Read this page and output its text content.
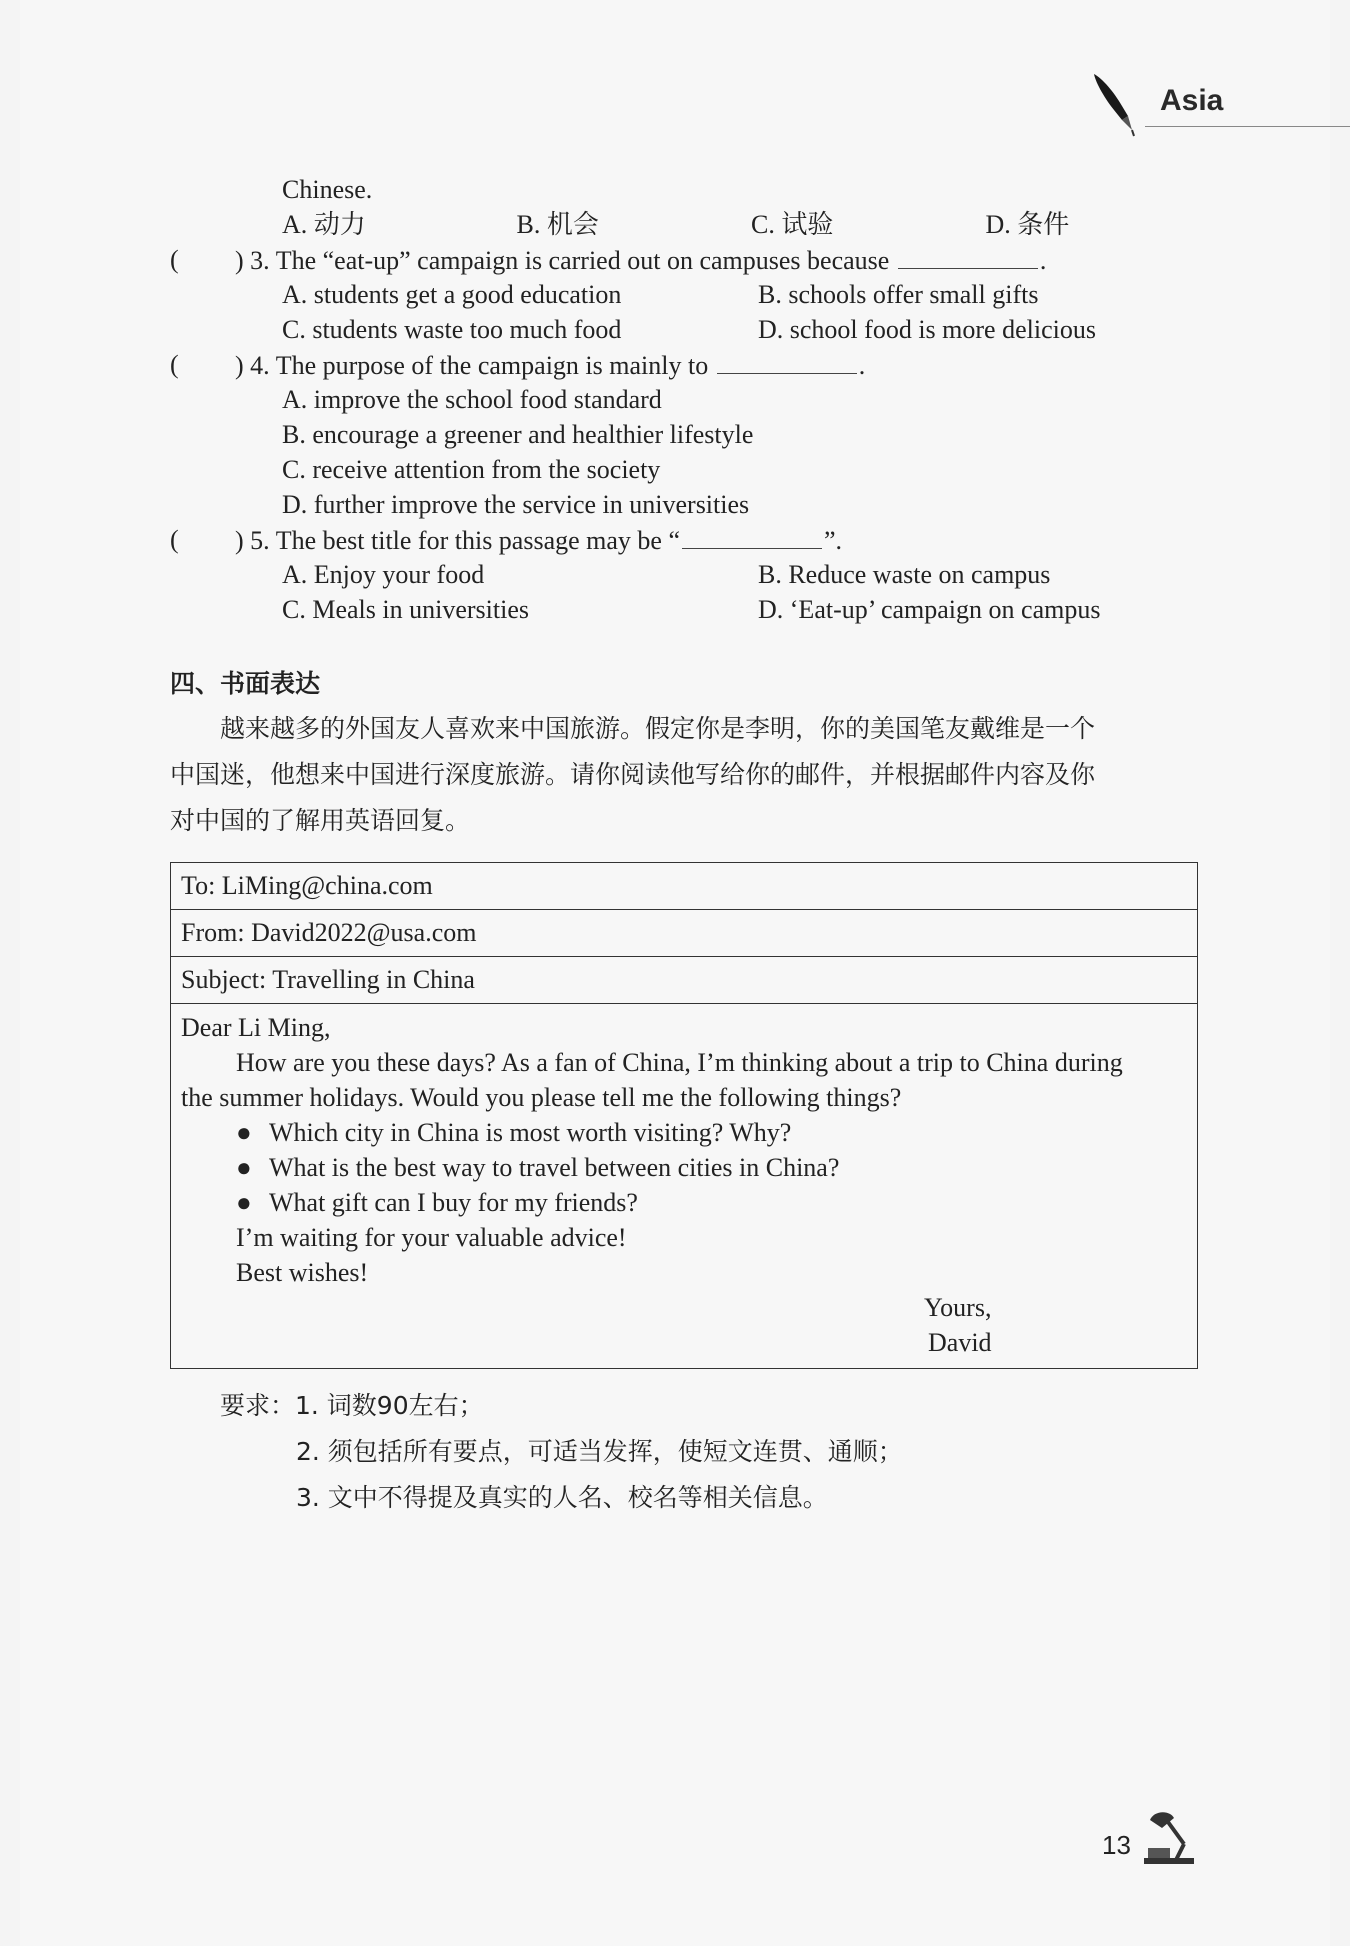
Asia
Chinese.
A. 动力	B. 机会	C. 试验	D. 条件
( ) 3. The “eat-up” campaign is carried out on campuses because	.
A. students get a good education	B. schools offer small gifts
C. students waste too much food	D. school food is more delicious
( ) 4. The purpose of the campaign is mainly to	.
A. improve the school food standard
B. encourage a greener and healthier lifestyle
C. receive attention from the society
D. further improve the service in universities
( ) 5. The best title for this passage may be “	”.
A. Enjoy your food	B. Reduce waste on campus
C. Meals in universities	D. ‘Eat-up’ campaign on campus
四、书面表达

越来越多的外国友人喜欢来中国旅游。假定你是李明，你的美国笔友戴维是一个

中国迷，他想来中国进行深度旅游。请你阅读他写给你的邮件，并根据邮件内容及你

对中国的了解用英语回复。

To: LiMing@china.com
From: David2022@usa.com
Subject: Travelling in China

Dear Li Ming,

How are you these days? As a fan of China, I’m thinking about a trip to China during

the summer holidays. Would you please tell me the following things?

● Which city in China is most worth visiting? Why?

● What is the best way to travel between cities in China?

● What gift can I buy for my friends?

I’m waiting for your valuable advice!

Best wishes!

Yours,

David

要求：1. 词数90左右；
2. 须包括所有要点，可适当发挥，使短文连贯、通顺；
3. 文中不得提及真实的人名、校名等相关信息。
13
